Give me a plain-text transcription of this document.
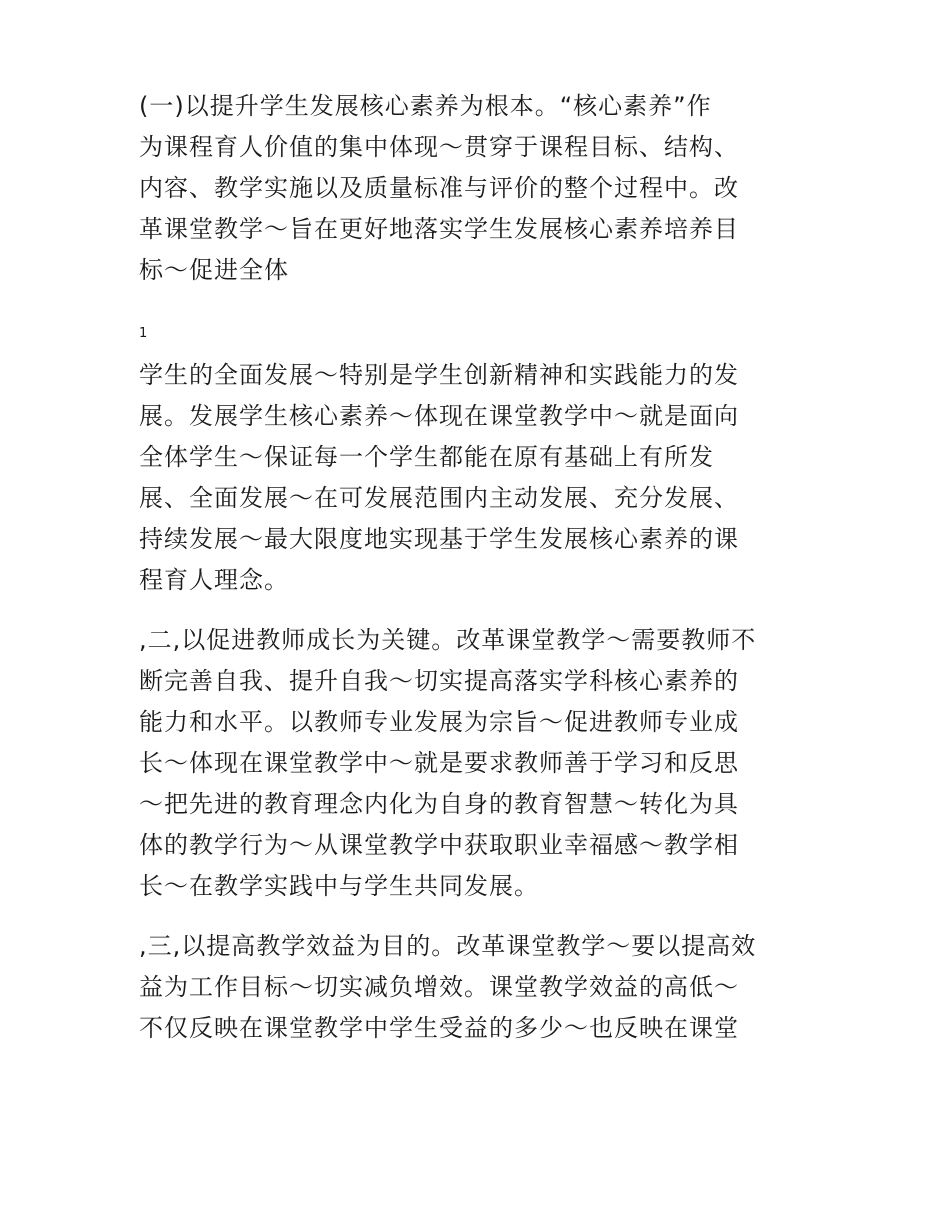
(一)以提升学生发展核心素养为根本。“核心素养”作
为课程育人价值的集中体现～贯穿于课程目标、结构、
内容、教学实施以及质量标准与评价的整个过程中。改
革课堂教学～旨在更好地落实学生发展核心素养培养目
标～促进全体
1
学生的全面发展～特别是学生创新精神和实践能力的发
展。发展学生核心素养～体现在课堂教学中～就是面向
全体学生～保证每一个学生都能在原有基础上有所发
展、全面发展～在可发展范围内主动发展、充分发展、
持续发展～最大限度地实现基于学生发展核心素养的课
程育人理念。
,二,以促进教师成长为关键。改革课堂教学～需要教师不
断完善自我、提升自我～切实提高落实学科核心素养的
能力和水平。以教师专业发展为宗旨～促进教师专业成
长～体现在课堂教学中～就是要求教师善于学习和反思
～把先进的教育理念内化为自身的教育智慧～转化为具
体的教学行为～从课堂教学中获取职业幸福感～教学相
长～在教学实践中与学生共同发展。
,三,以提高教学效益为目的。改革课堂教学～要以提高效
益为工作目标～切实减负增效。课堂教学效益的高低～
不仅反映在课堂教学中学生受益的多少～也反映在课堂
